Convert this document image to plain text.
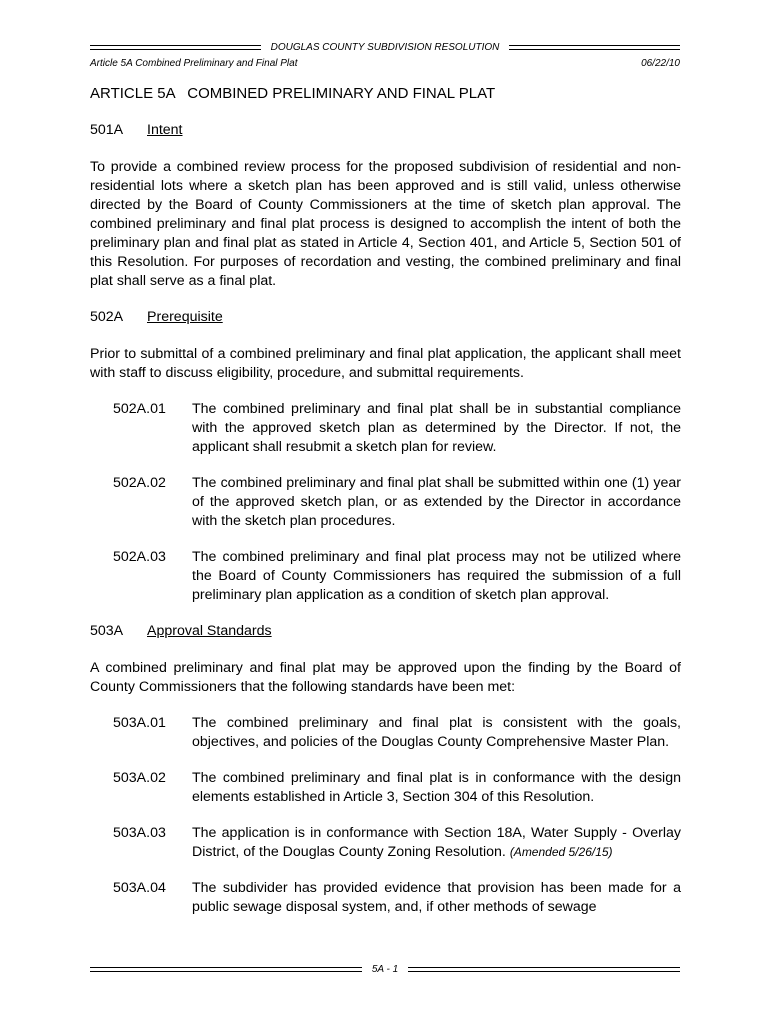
DOUGLAS COUNTY SUBDIVISION RESOLUTION
Article 5A Combined Preliminary and Final Plat	06/22/10
ARTICLE 5A   COMBINED PRELIMINARY AND FINAL PLAT
501A	Intent

To provide a combined review process for the proposed subdivision of residential and non-residential lots where a sketch plan has been approved and is still valid, unless otherwise directed by the Board of County Commissioners at the time of sketch plan approval. The combined preliminary and final plat process is designed to accomplish the intent of both the preliminary plan and final plat as stated in Article 4, Section 401, and Article 5, Section 501 of this Resolution. For purposes of recordation and vesting, the combined preliminary and final plat shall serve as a final plat.

502A	Prerequisite

Prior to submittal of a combined preliminary and final plat application, the applicant shall meet with staff to discuss eligibility, procedure, and submittal requirements.

502A.01	The combined preliminary and final plat shall be in substantial compliance with the approved sketch plan as determined by the Director. If not, the applicant shall resubmit a sketch plan for review.
502A.02	The combined preliminary and final plat shall be submitted within one (1) year of the approved sketch plan, or as extended by the Director in accordance with the sketch plan procedures.
502A.03	The combined preliminary and final plat process may not be utilized where the Board of County Commissioners has required the submission of a full preliminary plan application as a condition of sketch plan approval.
503A	Approval Standards

A combined preliminary and final plat may be approved upon the finding by the Board of County Commissioners that the following standards have been met:

503A.01	The combined preliminary and final plat is consistent with the goals, objectives, and policies of the Douglas County Comprehensive Master Plan.
503A.02	The combined preliminary and final plat is in conformance with the design elements established in Article 3, Section 304 of this Resolution.
503A.03	The application is in conformance with Section 18A, Water Supply - Overlay District, of the Douglas County Zoning Resolution. (Amended 5/26/15)
503A.04	The subdivider has provided evidence that provision has been made for a public sewage disposal system, and, if other methods of sewage
5A - 1
